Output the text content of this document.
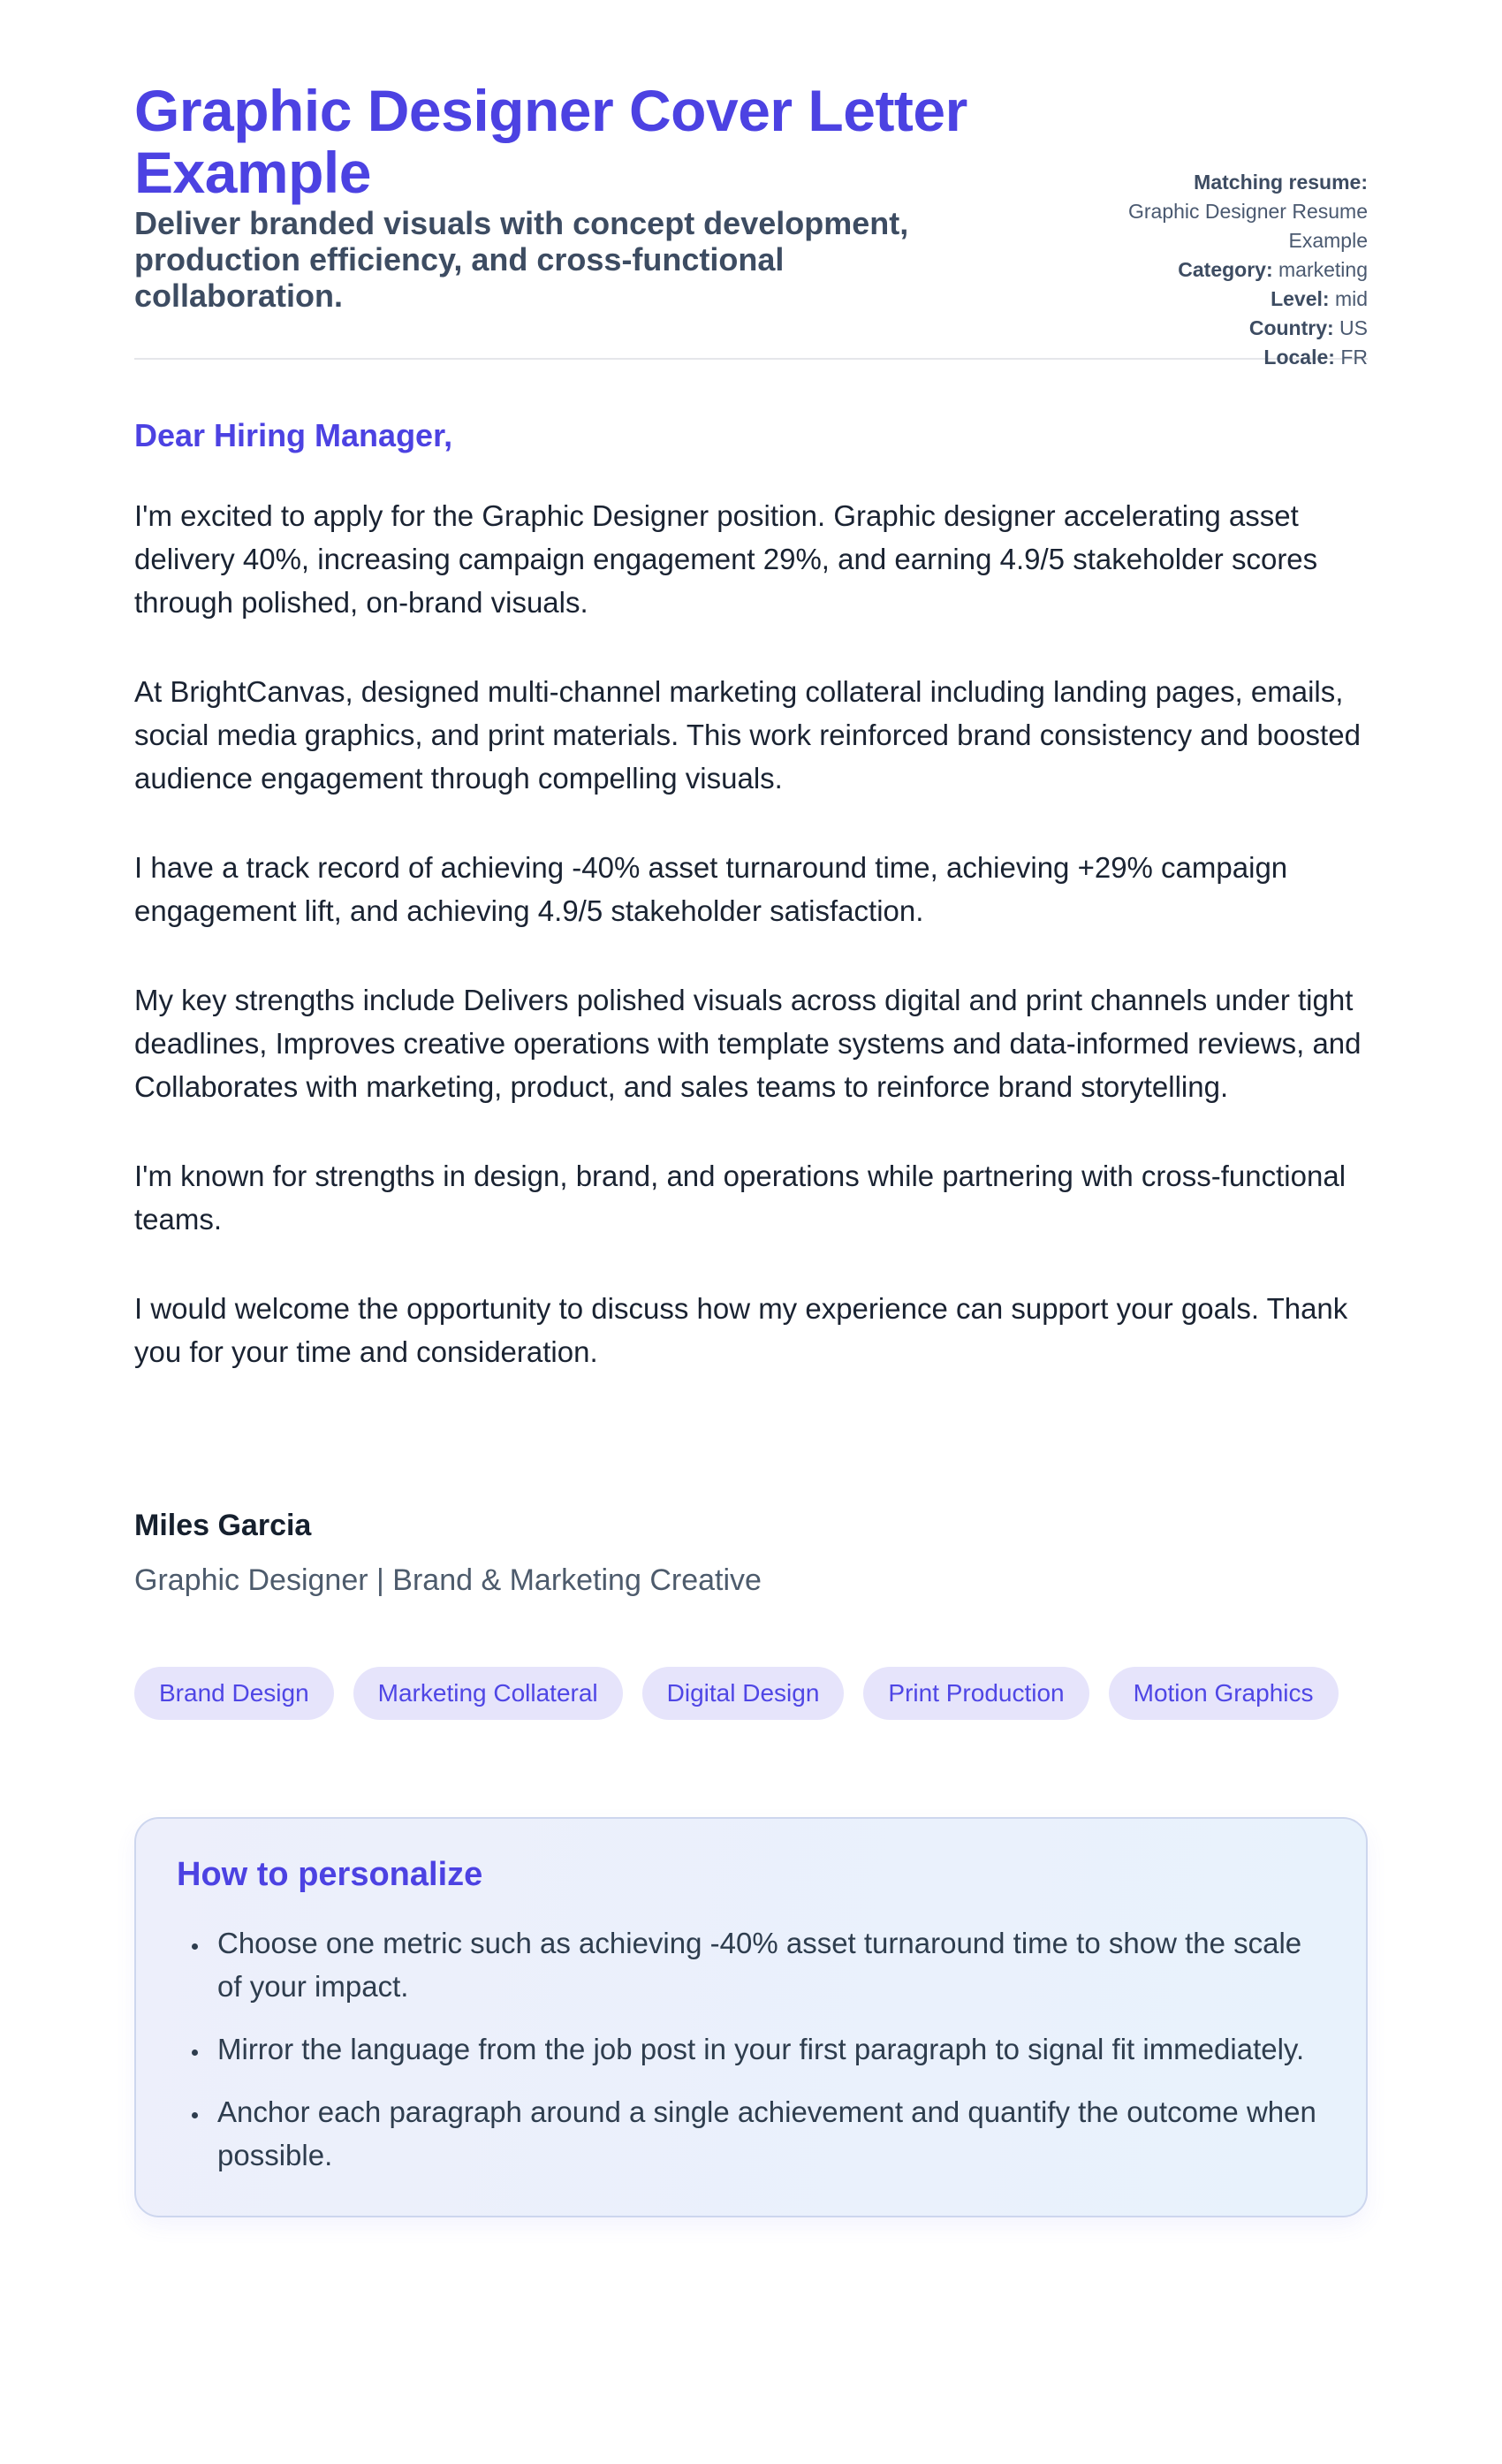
Matching resume:
Graphic Designer Resume Example
Category: marketing
Level: mid
Country: US
Locale: FR
Graphic Designer Cover Letter Example
Deliver branded visuals with concept development, production efficiency, and cross-functional collaboration.
Dear Hiring Manager,

I'm excited to apply for the Graphic Designer position. Graphic designer accelerating asset delivery 40%, increasing campaign engagement 29%, and earning 4.9/5 stakeholder scores through polished, on-brand visuals.

At BrightCanvas, designed multi-channel marketing collateral including landing pages, emails, social media graphics, and print materials. This work reinforced brand consistency and boosted audience engagement through compelling visuals.

I have a track record of achieving -40% asset turnaround time, achieving +29% campaign engagement lift, and achieving 4.9/5 stakeholder satisfaction.

My key strengths include Delivers polished visuals across digital and print channels under tight deadlines, Improves creative operations with template systems and data-informed reviews, and Collaborates with marketing, product, and sales teams to reinforce brand storytelling.

I'm known for strengths in design, brand, and operations while partnering with cross-functional teams.

I would welcome the opportunity to discuss how my experience can support your goals. Thank you for your time and consideration.

Miles Garcia
Graphic Designer | Brand & Marketing Creative
Brand Design	Marketing Collateral	Digital Design	Print Production	Motion Graphics
How to personalize
• Choose one metric such as achieving -40% asset turnaround time to show the scale of your impact.
• Mirror the language from the job post in your first paragraph to signal fit immediately.
• Anchor each paragraph around a single achievement and quantify the outcome when possible.
